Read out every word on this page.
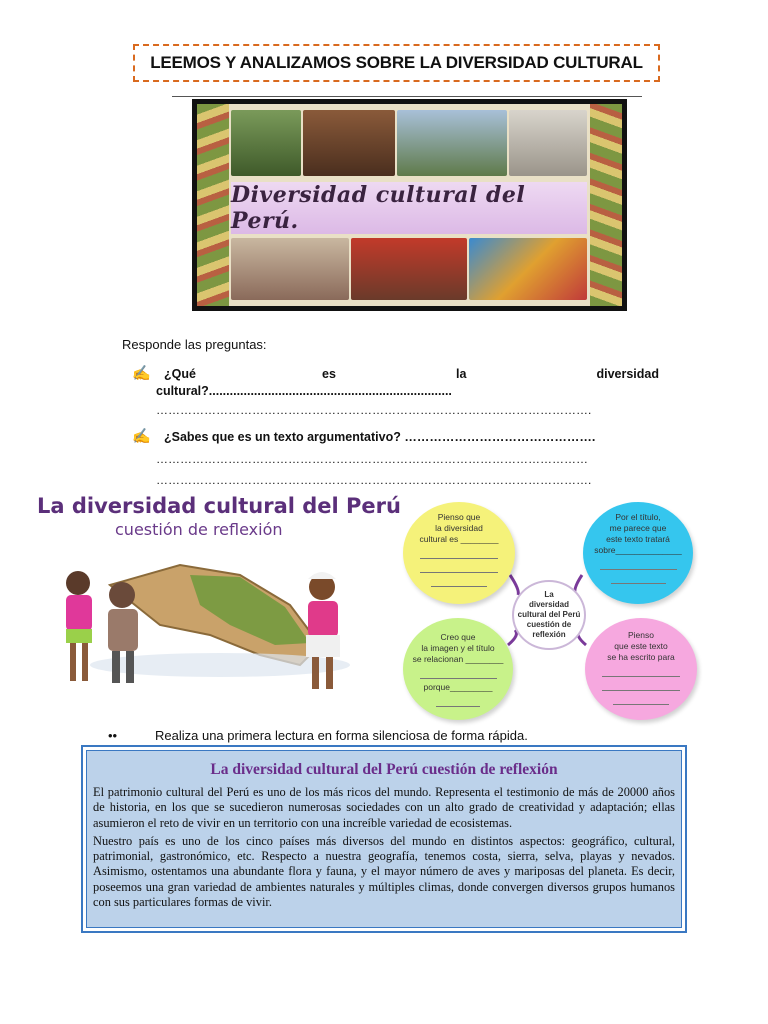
LEEMOS Y ANALIZAMOS SOBRE LA DIVERSIDAD CULTURAL
Diversidad cultural del Perú.
Responde las preguntas:
✍ ¿Qué	es	la	diversidad
cultural?......................................................................
……………………………………………………………………………………………….
✍ ¿Sabes que es un texto argumentativo? ……………………………………….
………………………………………………………………………………………………
……………………………………………………………………………………………….
La diversidad cultural del Perú
cuestión de reflexión
Pienso que
la diversidad
cultural es ________
Por el título,
me parece que
este texto tratará
sobre______________
La
diversidad
cultural del Perú
cuestión de
reflexión
Creo que
la imagen y el título
se relacionan ________
porque_________
Pienso
que este texto
se ha escrito para
••	Realiza una primera lectura en forma silenciosa de forma rápida.
La diversidad cultural del Perú cuestión de reflexión

El patrimonio cultural del Perú es uno de los más ricos del mundo. Representa el testimonio de más de 20000 años de historia, en los que se sucedieron numerosas sociedades con un alto grado de creatividad y adaptación; ellas asumieron el reto de vivir en un territorio con una increíble variedad de ecosistemas.

Nuestro país es uno de los cinco países más diversos del mundo en distintos aspectos: geográfico, cultural, patrimonial, gastronómico, etc. Respecto a nuestra geografía, tenemos costa, sierra, selva, playas y nevados. Asimismo, ostentamos una abundante flora y fauna, y el mayor número de aves y mariposas del planeta. Es decir, poseemos una gran variedad de ambientes naturales y múltiples climas, donde convergen diversos grupos humanos con sus particulares formas de vivir.
